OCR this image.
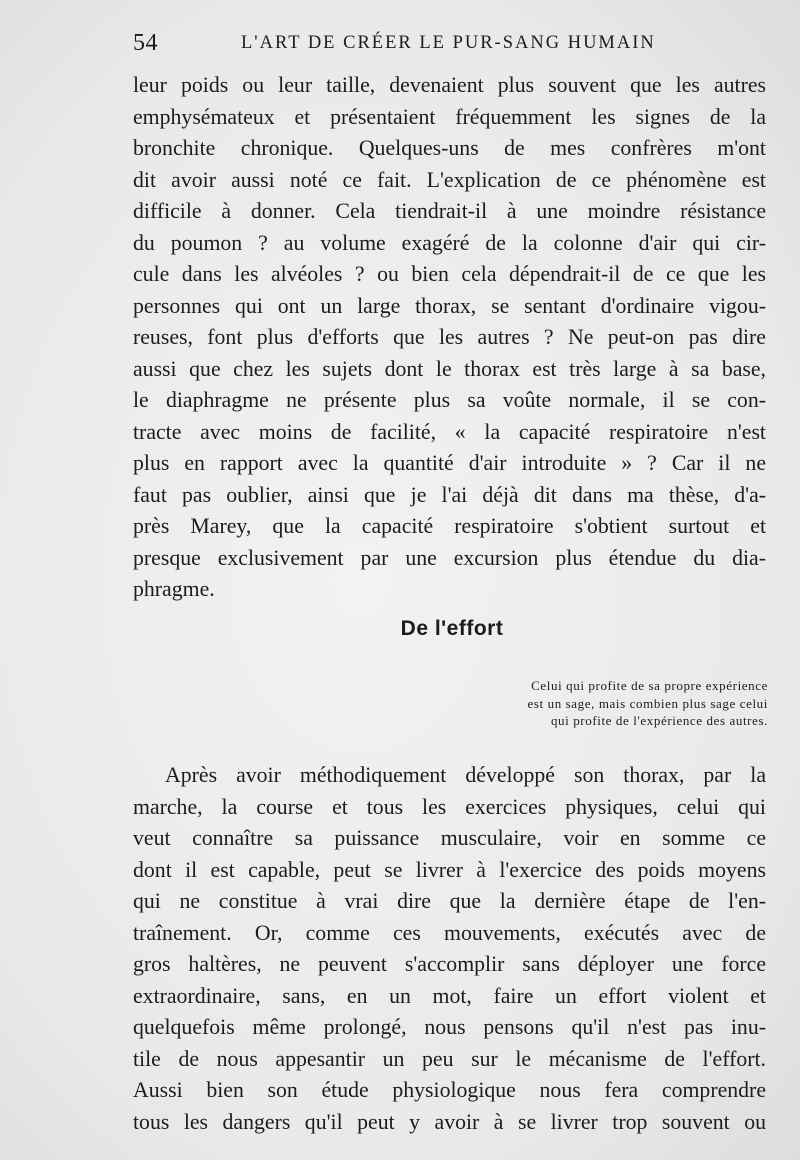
54	L'ART DE CRÉER LE PUR-SANG HUMAIN
leur poids ou leur taille, devenaient plus souvent que les autres
emphysémateux et présentaient fréquemment les signes de la
bronchite chronique. Quelques-uns de mes confrères m'ont
dit avoir aussi noté ce fait. L'explication de ce phénomène est
difficile à donner. Cela tiendrait-il à une moindre résistance
du poumon ? au volume exagéré de la colonne d'air qui cir-
cule dans les alvéoles ? ou bien cela dépendrait-il de ce que les
personnes qui ont un large thorax, se sentant d'ordinaire vigou-
reuses, font plus d'efforts que les autres ? Ne peut-on pas dire
aussi que chez les sujets dont le thorax est très large à sa base,
le diaphragme ne présente plus sa voûte normale, il se con-
tracte avec moins de facilité, « la capacité respiratoire n'est
plus en rapport avec la quantité d'air introduite » ? Car il ne
faut pas oublier, ainsi que je l'ai déjà dit dans ma thèse, d'a-
près Marey, que la capacité respiratoire s'obtient surtout et
presque exclusivement par une excursion plus étendue du dia-
phragme.
De l'effort
Celui qui profite de sa propre expérience
est un sage, mais combien plus sage celui
qui profite de l'expérience des autres.
Après avoir méthodiquement développé son thorax, par la
marche, la course et tous les exercices physiques, celui qui
veut connaître sa puissance musculaire, voir en somme ce
dont il est capable, peut se livrer à l'exercice des poids moyens
qui ne constitue à vrai dire que la dernière étape de l'en-
traînement. Or, comme ces mouvements, exécutés avec de
gros haltères, ne peuvent s'accomplir sans déployer une force
extraordinaire, sans, en un mot, faire un effort violent et
quelquefois même prolongé, nous pensons qu'il n'est pas inu-
tile de nous appesantir un peu sur le mécanisme de l'effort.
Aussi bien son étude physiologique nous fera comprendre
tous les dangers qu'il peut y avoir à se livrer trop souvent ou
